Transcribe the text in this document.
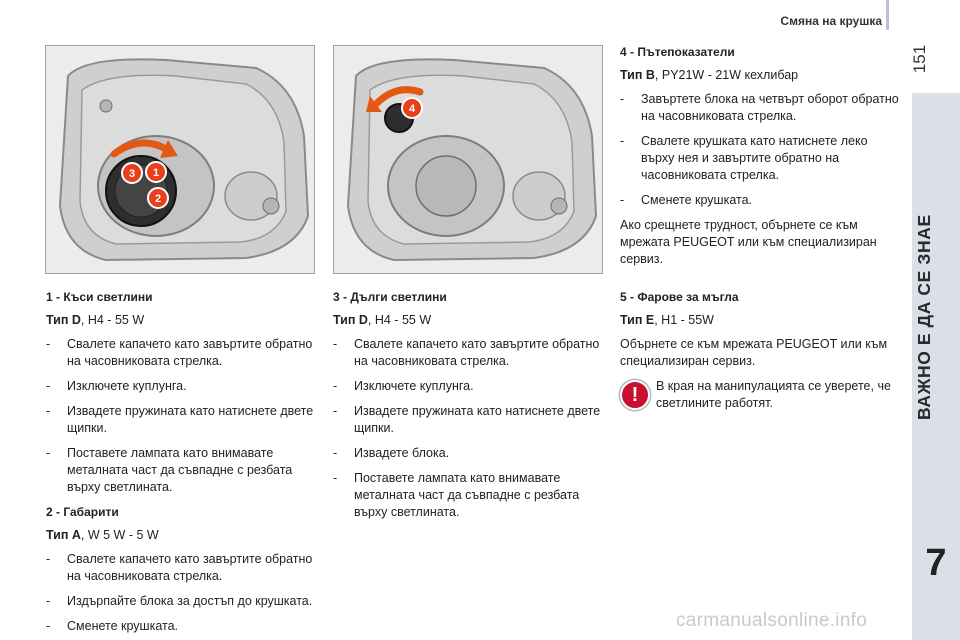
Смяна на крушка
151
ВАЖНО Е ДА СЕ ЗНАЕ
7
3 1
2
4
1 - Къси светлини

Тип D, H4 - 55 W

- Свалете капачето като завъртите обратно на часовниковата стрелка.
- Изключете куплунга.
- Извадете пружината като натиснете двете щипки.
- Поставете лампата като внимавате металната част да съвпадне с резбата върху светлината.
2 - Габарити

Тип A, W 5 W - 5 W

- Свалете капачето като завъртите обратно на часовниковата стрелка.
- Издърпайте блока за достъп до крушката.
- Сменете крушката.
3 - Дълги светлини

Тип D, H4 - 55 W

- Свалете капачето като завъртите обратно на часовниковата стрелка.
- Изключете куплунга.
- Извадете пружината като натиснете двете щипки.
- Извадете блока.
- Поставете лампата като внимавате металната част да съвпадне с резбата върху светлината.
4 - Пътепоказатели

Тип B, PY21W - 21W кехлибар

- Завъртете блока на четвърт оборот обратно на часовниковата стрелка.
- Свалете крушката като натиснете леко върху нея и завъртите обратно на часовниковата стрелка.
- Сменете крушката.

Ако срещнете трудност, обърнете се към мрежата PEUGEOT или към специализиран сервиз.

5 - Фарове за мъгла

Тип E, H1 - 55W

Обърнете се към мрежата PEUGEOT или към специализиран сервиз.

!	В края на манипулацията се уверете, че светлините работят.
carmanualsonline.info
